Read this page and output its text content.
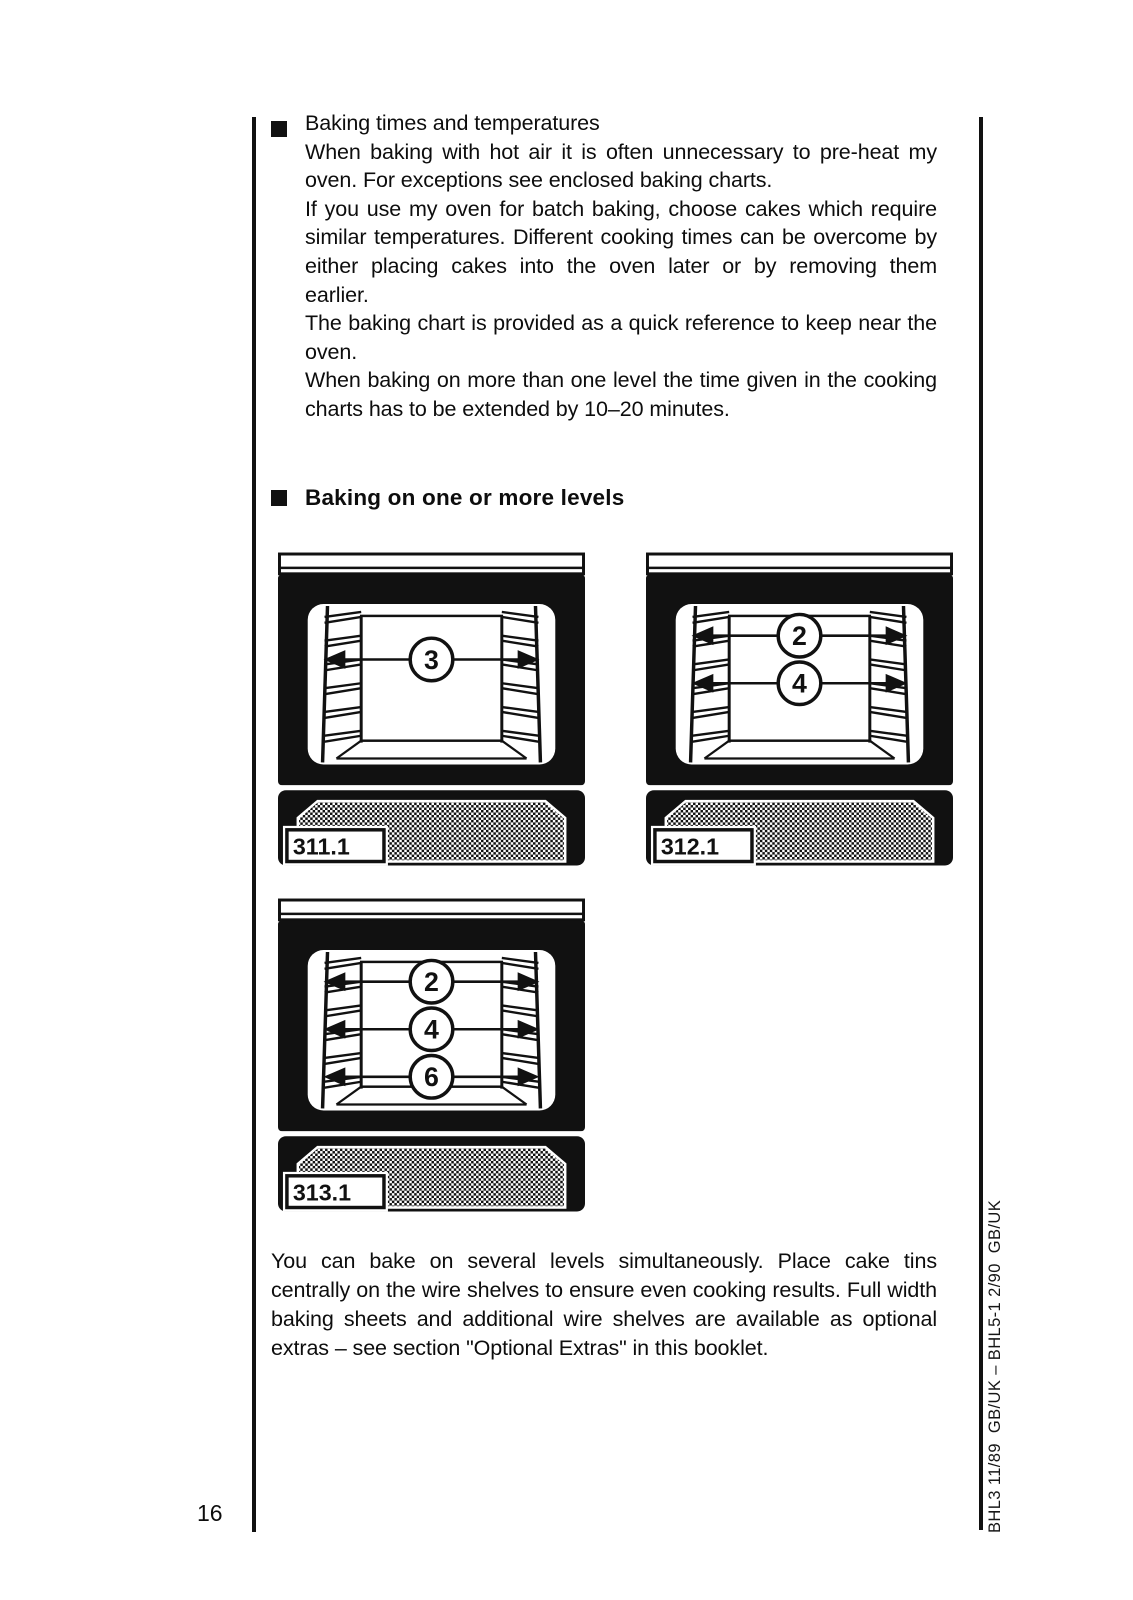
Baking times and temperatures

When baking with hot air it is often unnecessary to pre-heat my oven. For exceptions see enclosed baking charts.

If you use my oven for batch baking, choose cakes which require similar temperatures. Different cooking times can be overcome by either placing cakes into the oven later or by removing them earlier.

The baking chart is provided as a quick reference to keep near the oven.

When baking on more than one level the time given in the cooking charts has to be extended by 10–20 minutes.

Baking on one or more levels
3
311.1
2
4
312.1
2
4
6
313.1
You can bake on several levels simultaneously. Place cake tins centrally on the wire shelves to ensure even cooking results. Full width baking sheets and additional wire shelves are available as optional extras – see section "Optional Extras" in this booklet.
16	BHL3 11/89  GB/UK – BHL5-1 2/90  GB/UK
